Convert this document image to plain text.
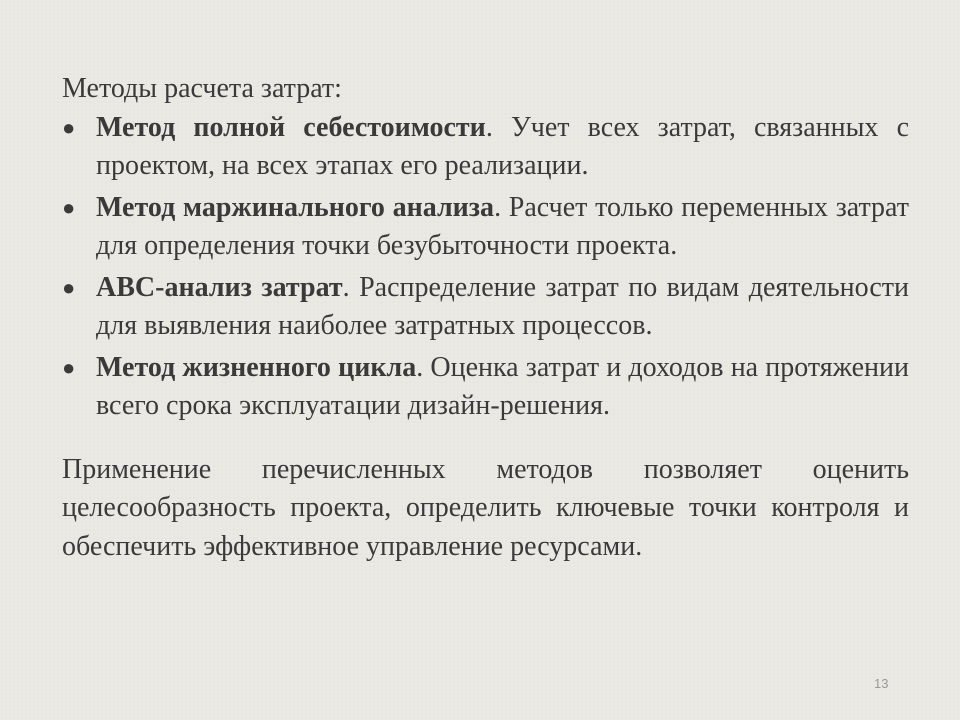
Методы расчета затрат:

● Метод полной себестоимости. Учет всех затрат, связанных с проектом, на всех этапах его реализации.
● Метод маржинального анализа. Расчет только переменных затрат для определения точки безубыточности проекта.
● ABC-анализ затрат. Распределение затрат по видам деятельности для выявления наиболее затратных процессов.
● Метод жизненного цикла. Оценка затрат и доходов на протяжении всего срока эксплуатации дизайн-решения.

Применение перечисленных методов позволяет оценить целесообразность проекта, определить ключевые точки контроля и обеспечить эффективное управление ресурсами.

13
